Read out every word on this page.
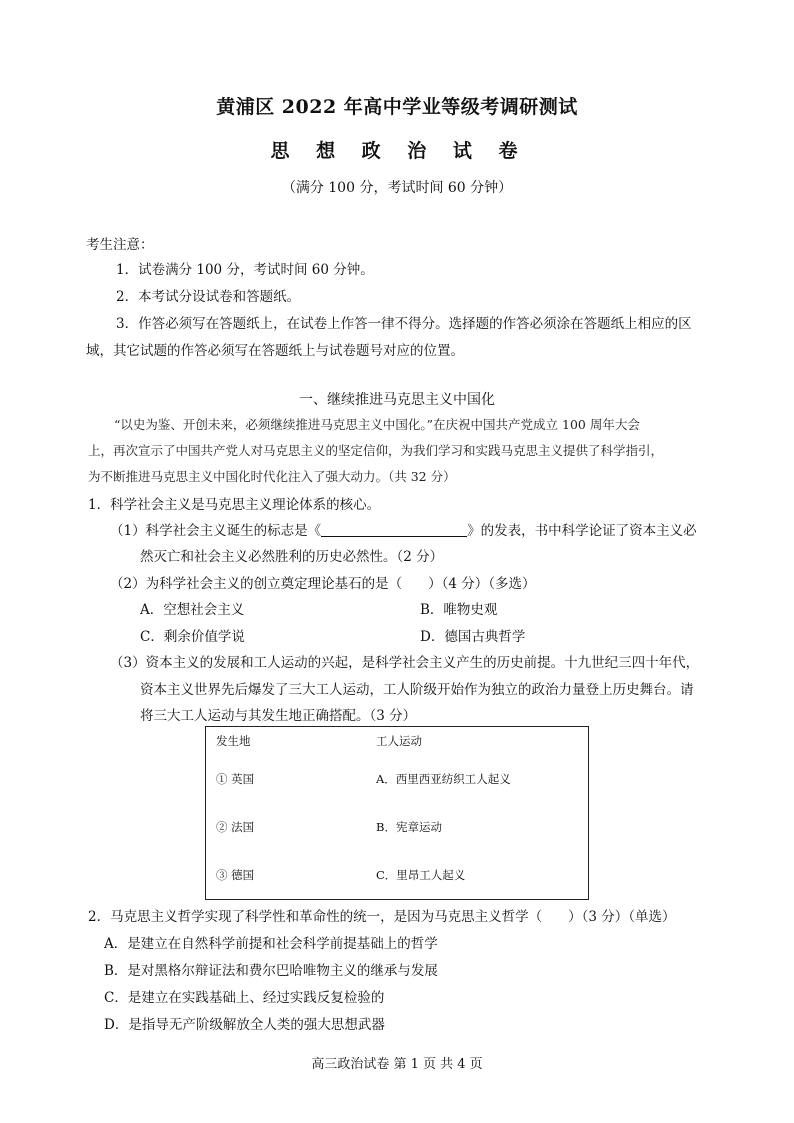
黄浦区 2022 年高中学业等级考调研测试
思 想 政 治 试 卷
（满分 100 分，考试时间 60 分钟）
考生注意：
1．试卷满分 100 分，考试时间 60 分钟。
2．本考试分设试卷和答题纸。
3．作答必须写在答题纸上，在试卷上作答一律不得分。选择题的作答必须涂在答题纸上相应的区
域，其它试题的作答必须写在答题纸上与试卷题号对应的位置。
一、继续推进马克思主义中国化
“以史为鉴、开创未来，必须继续推进马克思主义中国化。”在庆祝中国共产党成立 100 周年大会
上，再次宣示了中国共产党人对马克思主义的坚定信仰，为我们学习和实践马克思主义提供了科学指引，
为不断推进马克思主义中国化时代化注入了强大动力。（共 32 分）
1．科学社会主义是马克思主义理论体系的核心。
（1）科学社会主义诞生的标志是《	》的发表，书中科学论证了资本主义必
然灭亡和社会主义必然胜利的历史必然性。（2 分）
（2）为科学社会主义的创立奠定理论基石的是（ ）（4 分）（多选）
A．空想社会主义	B．唯物史观
C．剩余价值学说	D．德国古典哲学
（3）资本主义的发展和工人运动的兴起，是科学社会主义产生的历史前提。十九世纪三四十年代，
资本主义世界先后爆发了三大工人运动，工人阶级开始作为独立的政治力量登上历史舞台。请
将三大工人运动与其发生地正确搭配。（3 分）
发生地	工人运动
① 英国	A．西里西亚纺织工人起义
② 法国	B．宪章运动
③ 德国	C．里昂工人起义
2．马克思主义哲学实现了科学性和革命性的统一，是因为马克思主义哲学（ ）（3 分）（单选）
A．是建立在自然科学前提和社会科学前提基础上的哲学
B．是对黑格尔辩证法和费尔巴哈唯物主义的继承与发展
C．是建立在实践基础上、经过实践反复检验的
D．是指导无产阶级解放全人类的强大思想武器
高三政治试卷 第 1 页 共 4 页
